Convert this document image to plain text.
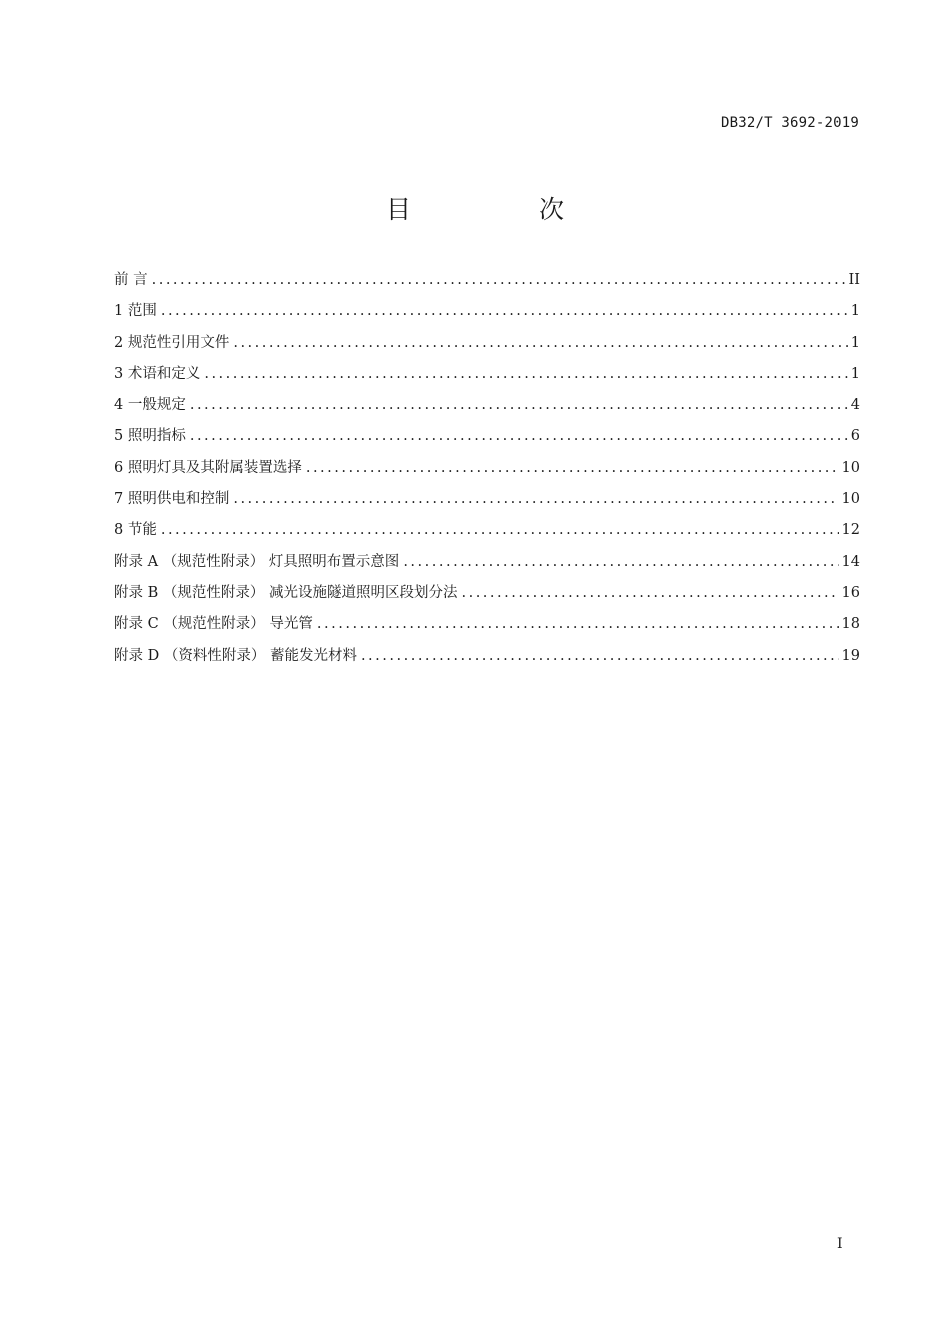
DB32/T 3692-2019
目 次
前 言 .....	II
1 范围 .....	1
2 规范性引用文件 .....	1
3 术语和定义 .....	1
4 一般规定 .....	4
5 照明指标 .....	6
6 照明灯具及其附属装置选择 .....	10
7 照明供电和控制 .....	10
8 节能 .....	12
附录 A （规范性附录） 灯具照明布置示意图 .....	14
附录 B （规范性附录） 减光设施隧道照明区段划分法 .....	16
附录 C （规范性附录） 导光管 .....	18
附录 D （资料性附录） 蓄能发光材料 .....	19
I
